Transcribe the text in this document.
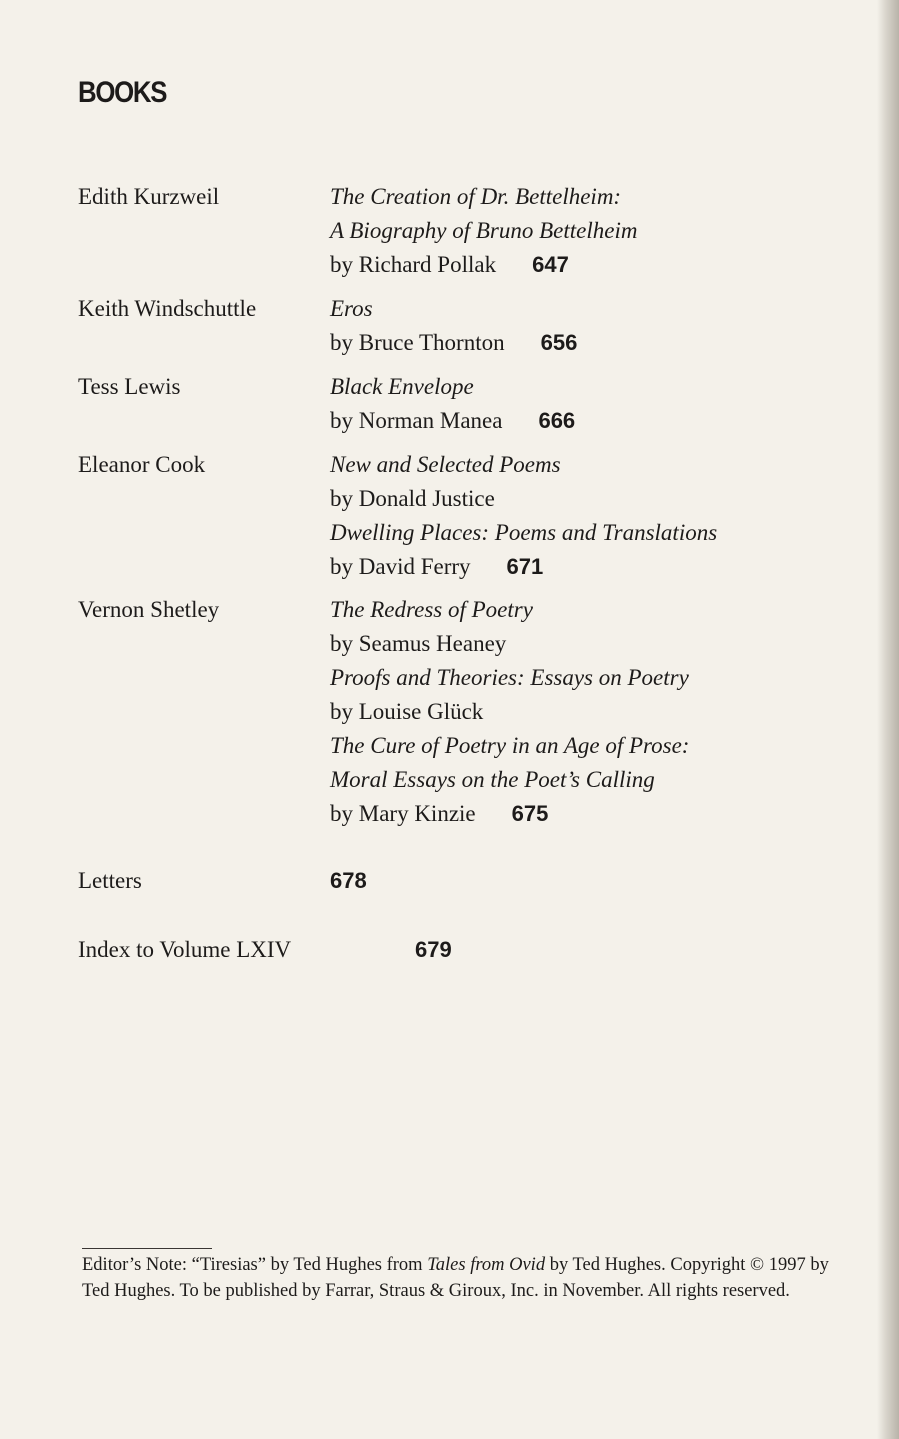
BOOKS
Edith Kurzweil	The Creation of Dr. Bettelheim:
A Biography of Bruno Bettelheim
by Richard Pollak 647
Keith Windschuttle	Eros
by Bruce Thornton 656
Tess Lewis	Black Envelope
by Norman Manea 666
Eleanor Cook	New and Selected Poems
by Donald Justice
Dwelling Places: Poems and Translations
by David Ferry 671
Vernon Shetley	The Redress of Poetry
by Seamus Heaney
Proofs and Theories: Essays on Poetry
by Louise Glück
The Cure of Poetry in an Age of Prose:
Moral Essays on the Poet’s Calling
by Mary Kinzie 675
Letters	678
Index to Volume LXIV	679

Editor’s Note: “Tiresias” by Ted Hughes from Tales from Ovid by Ted Hughes. Copyright © 1997 by Ted Hughes. To be published by Farrar, Straus & Giroux, Inc. in November. All rights reserved.
